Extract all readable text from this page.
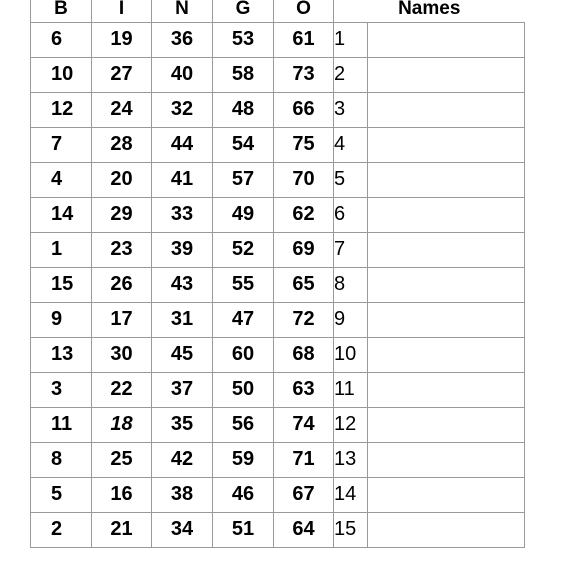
B	I	N	G	O	Names	
6	19	36	53	61	1	
10	27	40	58	73	2	
12	24	32	48	66	3	
7	28	44	54	75	4	
4	20	41	57	70	5	
14	29	33	49	62	6	
1	23	39	52	69	7	
15	26	43	55	65	8	
9	17	31	47	72	9	
13	30	45	60	68	10	
3	22	37	50	63	11	
11	18	35	56	74	12	
8	25	42	59	71	13	
5	16	38	46	67	14	
2	21	34	51	64	15	
